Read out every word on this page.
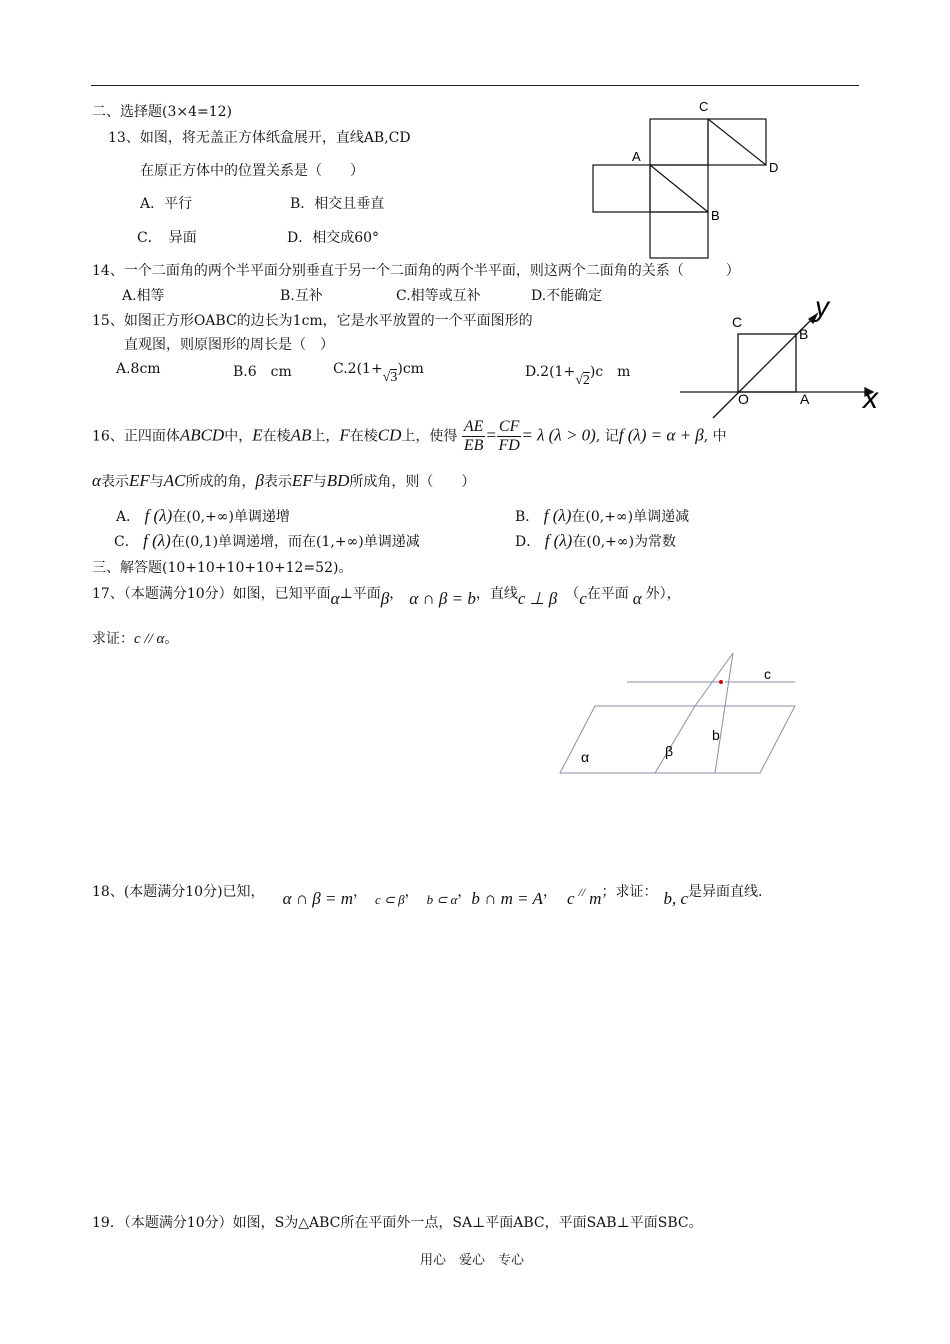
二、选择题(3×4=12)
13、如图，将无盖正方体纸盒展开，直线AB,CD
在原正方体中的位置关系是（　　）
A．平行	B．相交且垂直
C．　异面	D．相交成60°
C
A
D
B
14、一个二面角的两个半平面分别垂直于另一个二面角的两个半平面，则这两个二面角的关系（　　　）
A.相等	B.互补	C.相等或互补	D.不能确定
15、如图正方形OABC的边长为1cm，它是水平放置的一个平面图形的
直观图，则原图形的周长是（　）
A.8cm	B.6　cm	C.2(1+√3)cm	D.2(1+√2)c　m
C
B
O	A
y
x
16、正四面体ABCD中，E在棱AB上，F在棱CD上，使得 $\frac{AE}{EB} = \frac{CF}{FD} = \lambda$ (λ > 0), 记f (λ) = α + β, 中
α表示EF与AC所成的角，β表示EF与BD所成角，则（　　）
A． f (λ)在(0,+∞)单调递增	B． f (λ)在(0,+∞)单调递减
C． f (λ)在(0,1)单调递增，而在(1,+∞)单调递减	D． f (λ)在(0,+∞)为常数
三、解答题(10+10+10+10+12=52)。
17、（本题满分10分）如图，已知平面α⊥平面β， α ∩ β = b，直线c ⊥ β （c在平面 α 外），
求证：c // α。
c
b
α	β
18、(本题满分10分)已知， α ∩ β = m， c ⊂ β， b ⊂ α，b ∩ m = A， c // m；求证： b, c是异面直线.
19．（本题满分10分）如图，S为△ABC所在平面外一点，SA⊥平面ABC，平面SAB⊥平面SBC。
用心　爱心　专心
